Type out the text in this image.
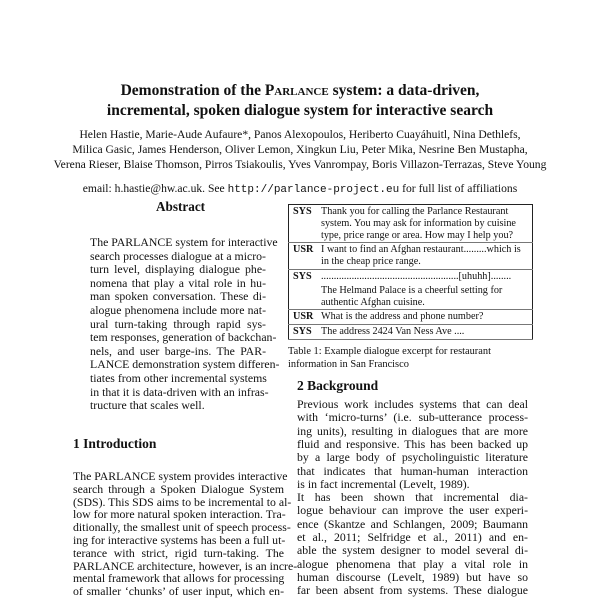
Demonstration of the Parlance system: a data-driven,
incremental, spoken dialogue system for interactive search
Helen Hastie, Marie-Aude Aufaure*, Panos Alexopoulos, Heriberto Cuayáhuitl, Nina Dethlefs,
Milica Gasic, James Henderson, Oliver Lemon, Xingkun Liu, Peter Mika, Nesrine Ben Mustapha,
Verena Rieser, Blaise Thomson, Pirros Tsiakoulis, Yves Vanrompay, Boris Villazon-Terrazas, Steve Young
email: h.hastie@hw.ac.uk. See http://parlance-project.eu for full list of affiliations
Abstract
The PARLANCE system for interactive
search processes dialogue at a micro-
turn level, displaying dialogue phe-
nomena that play a vital role in hu-
man spoken conversation. These di-
alogue phenomena include more nat-
ural turn-taking through rapid sys-
tem responses, generation of backchan-
nels, and user barge-ins. The PAR-
LANCE demonstration system differen-
tiates from other incremental systems
in that it is data-driven with an infras-
tructure that scales well.
1 Introduction
The PARLANCE system provides interactive
search through a Spoken Dialogue System
(SDS). This SDS aims to be incremental to al-
low for more natural spoken interaction. Tra-
ditionally, the smallest unit of speech process-
ing for interactive systems has been a full ut-
terance with strict, rigid turn-taking. The
PARLANCE architecture, however, is an incre-
mental framework that allows for processing
of smaller ‘chunks’ of user input, which en-
SYS	Thank you for calling the Parlance Restaurant system. You may ask for information by cuisine type, price range or area. How may I help you?
USR	I want to find an Afghan restaurant.........which is in the cheap price range.
SYS	......................................................[uhuhh]........
	The Helmand Palace is a cheerful setting for authentic Afghan cuisine.
USR	What is the address and phone number?
SYS	The address 2424 Van Ness Ave ....
Table 1: Example dialogue excerpt for restaurant information in San Francisco
2 Background
Previous work includes systems that can deal
with ‘micro-turns’ (i.e. sub-utterance process-
ing units), resulting in dialogues that are more
fluid and responsive. This has been backed up
by a large body of psycholinguistic literature
that indicates that human-human interaction
is in fact incremental (Levelt, 1989).
It has been shown that incremental dia-
logue behaviour can improve the user experi-
ence (Skantze and Schlangen, 2009; Baumann
et al., 2011; Selfridge et al., 2011) and en-
able the system designer to model several di-
alogue phenomena that play a vital role in
human discourse (Levelt, 1989) but have so
far been absent from systems. These dialogue
